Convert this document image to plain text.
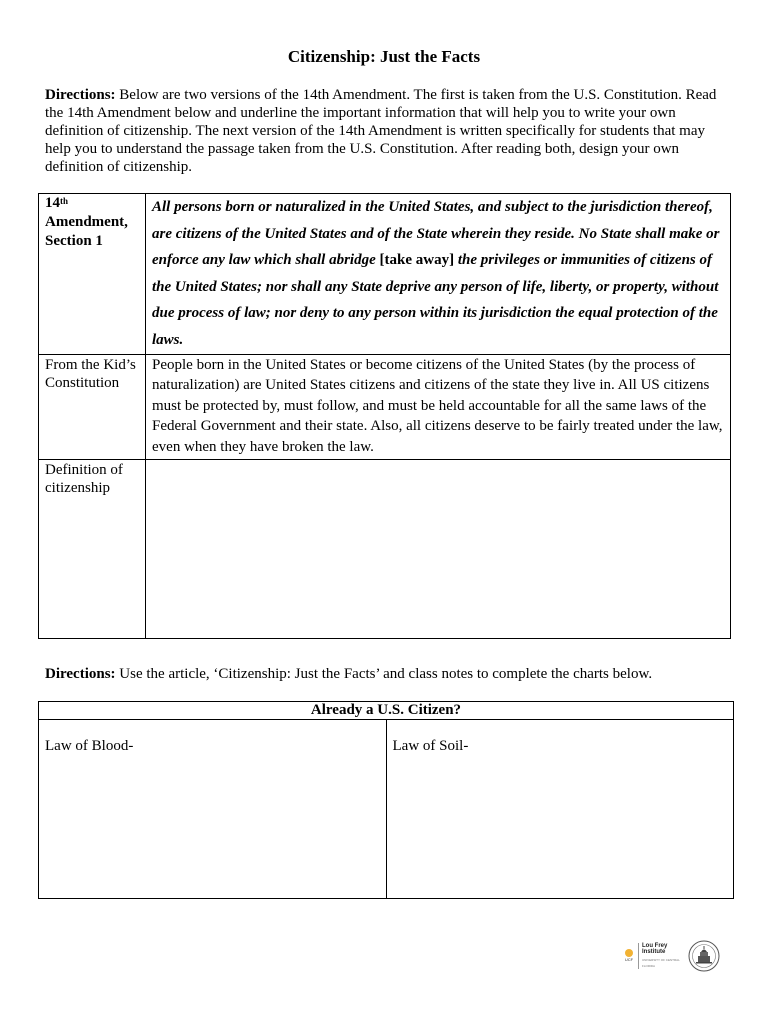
Citizenship: Just the Facts
Directions: Below are two versions of the 14th Amendment. The first is taken from the U.S. Constitution. Read the 14th Amendment below and underline the important information that will help you to write your own definition of citizenship. The next version of the 14th Amendment is written specifically for students that may help you to understand the passage taken from the U.S. Constitution. After reading both, design your own definition of citizenship.
14th
Amendment, Section 1	All persons born or naturalized in the United States, and subject to the jurisdiction thereof, are citizens of the United States and of the State wherein they reside. No State shall make or enforce any law which shall abridge [take away] the privileges or immunities of citizens of the United States; nor shall any State deprive any person of life, liberty, or property, without due process of law; nor deny to any person within its jurisdiction the equal protection of the laws.
From the Kid’s Constitution	People born in the United States or become citizens of the United States (by the process of naturalization) are United States citizens and citizens of the state they live in. All US citizens must be protected by, must follow, and must be held accountable for all the same laws of the Federal Government and their state. Also, all citizens deserve to be fairly treated under the law, even when they have broken the law.
Definition of citizenship	
Directions: Use the article, ‘Citizenship: Just the Facts’ and class notes to complete the charts below.
Already a U.S. Citizen?
Law of Blood-	Law of Soil-
UCF
Lou Frey Institute
UNIVERSITY OF CENTRAL FLORIDA
